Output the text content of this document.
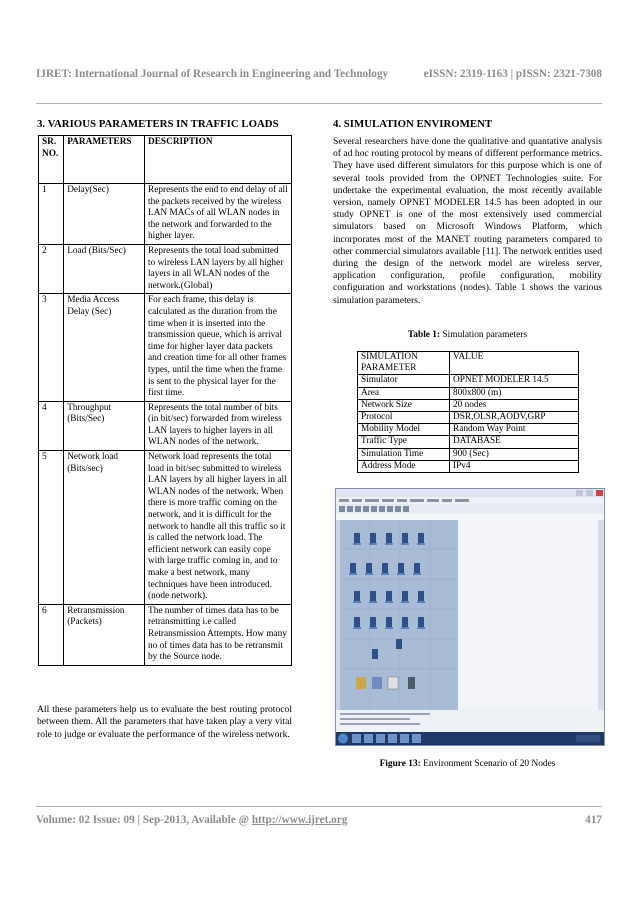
IJRET: International Journal of Research in Engineering and Technology	eISSN: 2319-1163 | pISSN: 2321-7308
3. VARIOUS PARAMETERS IN TRAFFIC LOADS
SR. NO.	PARAMETERS	DESCRIPTION
1	Delay(Sec)	Represents the end to end delay of all the packets received by the wireless LAN MACs of all WLAN nodes in the network and forwarded to the higher layer.
2	Load (Bits/Sec)	Represents the total load submitted to wireless LAN layers by all higher layers in all WLAN nodes of the network.(Global)
3	Media Access Delay (Sec)	For each frame, this delay is calculated as the duration from the time when it is inserted into the transmission queue, which is arrival time for higher layer data packets and creation time for all other frames types, until the time when the frame is sent to the physical layer for the first time.
4	Throughput (Bits/Sec)	Represents the total number of bits (in bit/sec) forwarded from wireless LAN layers to higher layers in all WLAN nodes of the network.
5	Network load (Bits/sec)	Network load represents the total load in bit/sec submitted to wireless LAN layers by all higher layers in all WLAN nodes of the network. When there is more traffic coming on the network, and it is difficult for the network to handle all this traffic so it is called the network load. The efficient network can easily cope with large traffic coming in, and to make a best network, many techniques have been introduced.(node network).
6	Retransmission (Packets)	The number of times data has to be retransmitting i.e called Retransmission Attempts. How many no of times data has to be retransmit by the Source node.

All these parameters help us to evaluate the best routing protocol between them. All the parameters that have taken play a very vital role to judge or evaluate the performance of the wireless network.

4. SIMULATION ENVIROMENT

Several researchers have done the qualitative and quantative analysis of ad hoc routing protocol by means of different performance metrics. They have used different simulators for this purpose which is one of several tools provided from the OPNET Technologies suite. For undertake the experimental evaluation, the most recently available version, namely OPNET MODELER 14.5 has been adopted in our study OPNET is one of the most extensively used commercial simulators based on Microsoft Windows Platform, which incorporates most of the MANET routing parameters compared to other commercial simulators available [11]. The network entities used during the design of the network model are wireless server, application configuration, profile configuration, mobility configuration and workstations (nodes). Table 1 shows the various simulation parameters.

Table 1: Simulation parameters
SIMULATION PARAMETER	VALUE
Simulator	OPNET MODELER 14.5
Area	800x800 (m)
Network Size	20 nodes
Protocol	DSR,OLSR,AODV,GRP
Mobility Model	Random Way Point
Traffic Type	DATABASE
Simulation Time	900 (Sec)
Address Mode	IPv4
Figure 13: Environment Scenario of 20 Nodes
Volume: 02 Issue: 09 | Sep-2013, Available @ http://www.ijret.org	417
